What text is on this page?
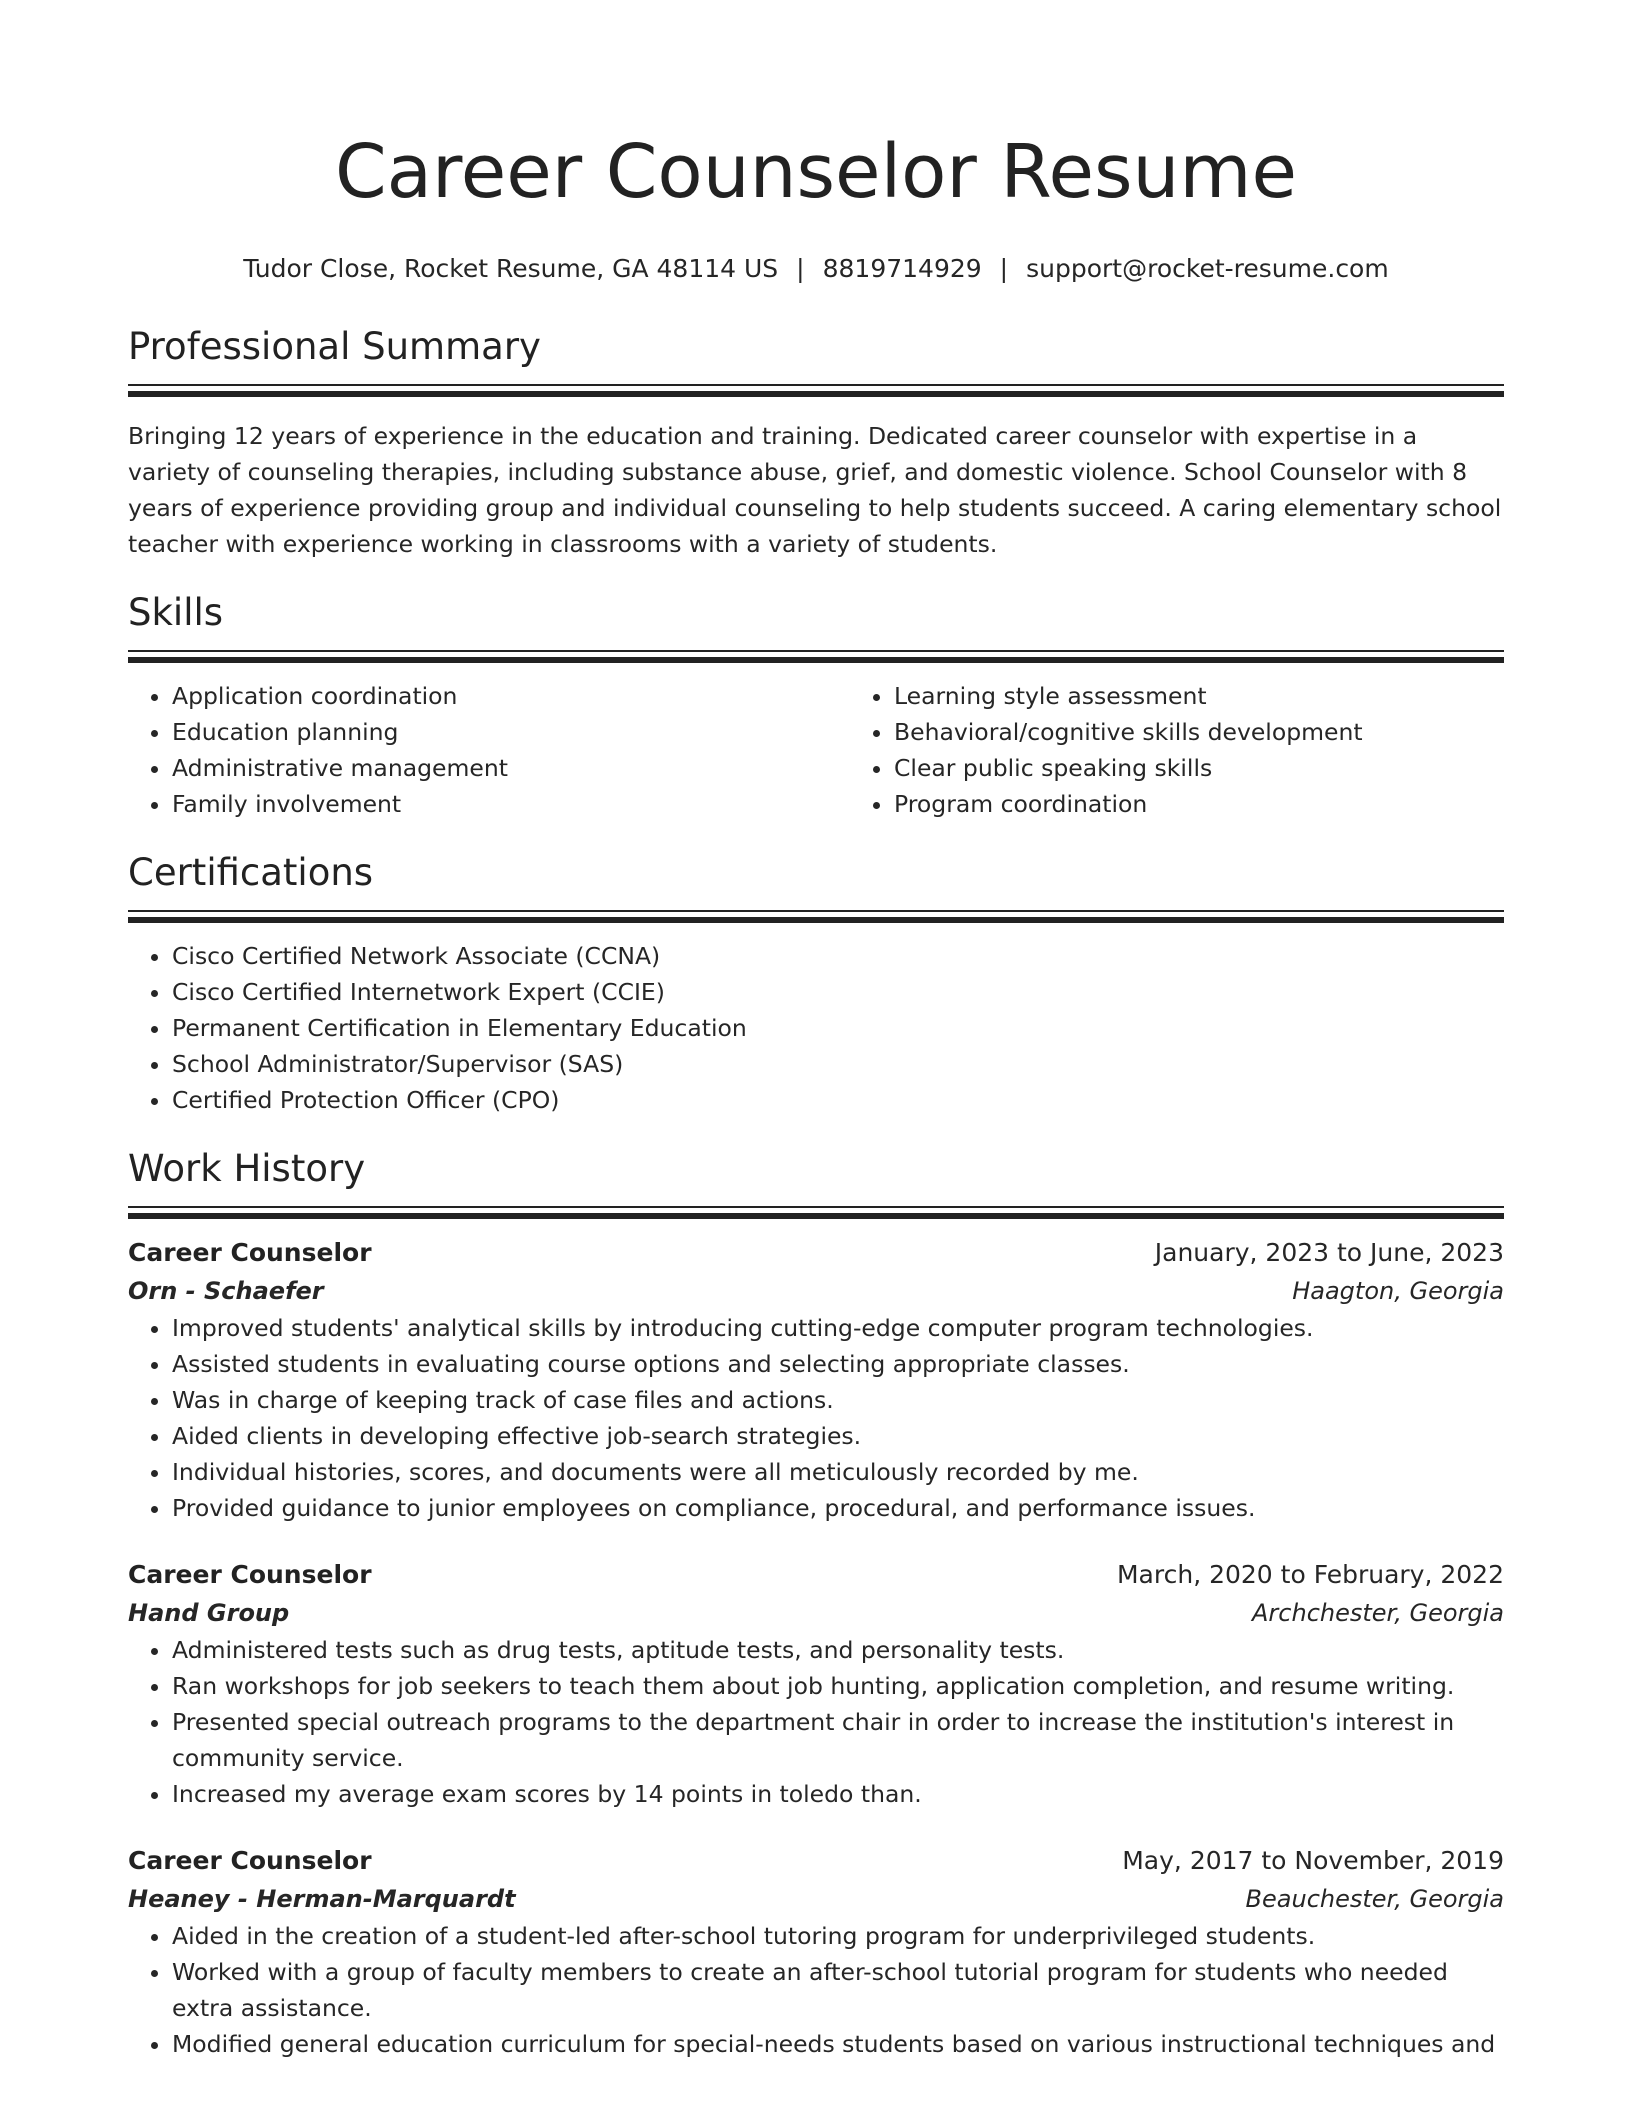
Career Counselor Resume
Tudor Close, Rocket Resume, GA 48114 US | 8819714929 | support@rocket-resume.com
Professional Summary
Bringing 12 years of experience in the education and training. Dedicated career counselor with expertise in a variety of counseling therapies, including substance abuse, grief, and domestic violence. School Counselor with 8 years of experience providing group and individual counseling to help students succeed. A caring elementary school teacher with experience working in classrooms with a variety of students.
Skills
• Application coordination
• Education planning
• Administrative management
• Family involvement
• Learning style assessment
• Behavioral/cognitive skills development
• Clear public speaking skills
• Program coordination
Certifications
• Cisco Certified Network Associate (CCNA)
• Cisco Certified Internetwork Expert (CCIE)
• Permanent Certification in Elementary Education
• School Administrator/Supervisor (SAS)
• Certified Protection Officer (CPO)
Work History
Career Counselor	January, 2023 to June, 2023
Orn - Schaefer	Haagton, Georgia
• Improved students' analytical skills by introducing cutting-edge computer program technologies.
• Assisted students in evaluating course options and selecting appropriate classes.
• Was in charge of keeping track of case files and actions.
• Aided clients in developing effective job-search strategies.
• Individual histories, scores, and documents were all meticulously recorded by me.
• Provided guidance to junior employees on compliance, procedural, and performance issues.
Career Counselor	March, 2020 to February, 2022
Hand Group	Archchester, Georgia
• Administered tests such as drug tests, aptitude tests, and personality tests.
• Ran workshops for job seekers to teach them about job hunting, application completion, and resume writing.
• Presented special outreach programs to the department chair in order to increase the institution's interest in community service.
• Increased my average exam scores by 14 points in toledo than.
Career Counselor	May, 2017 to November, 2019
Heaney - Herman-Marquardt	Beauchester, Georgia
• Aided in the creation of a student-led after-school tutoring program for underprivileged students.
• Worked with a group of faculty members to create an after-school tutorial program for students who needed extra assistance.
• Modified general education curriculum for special-needs students based on various instructional techniques and
